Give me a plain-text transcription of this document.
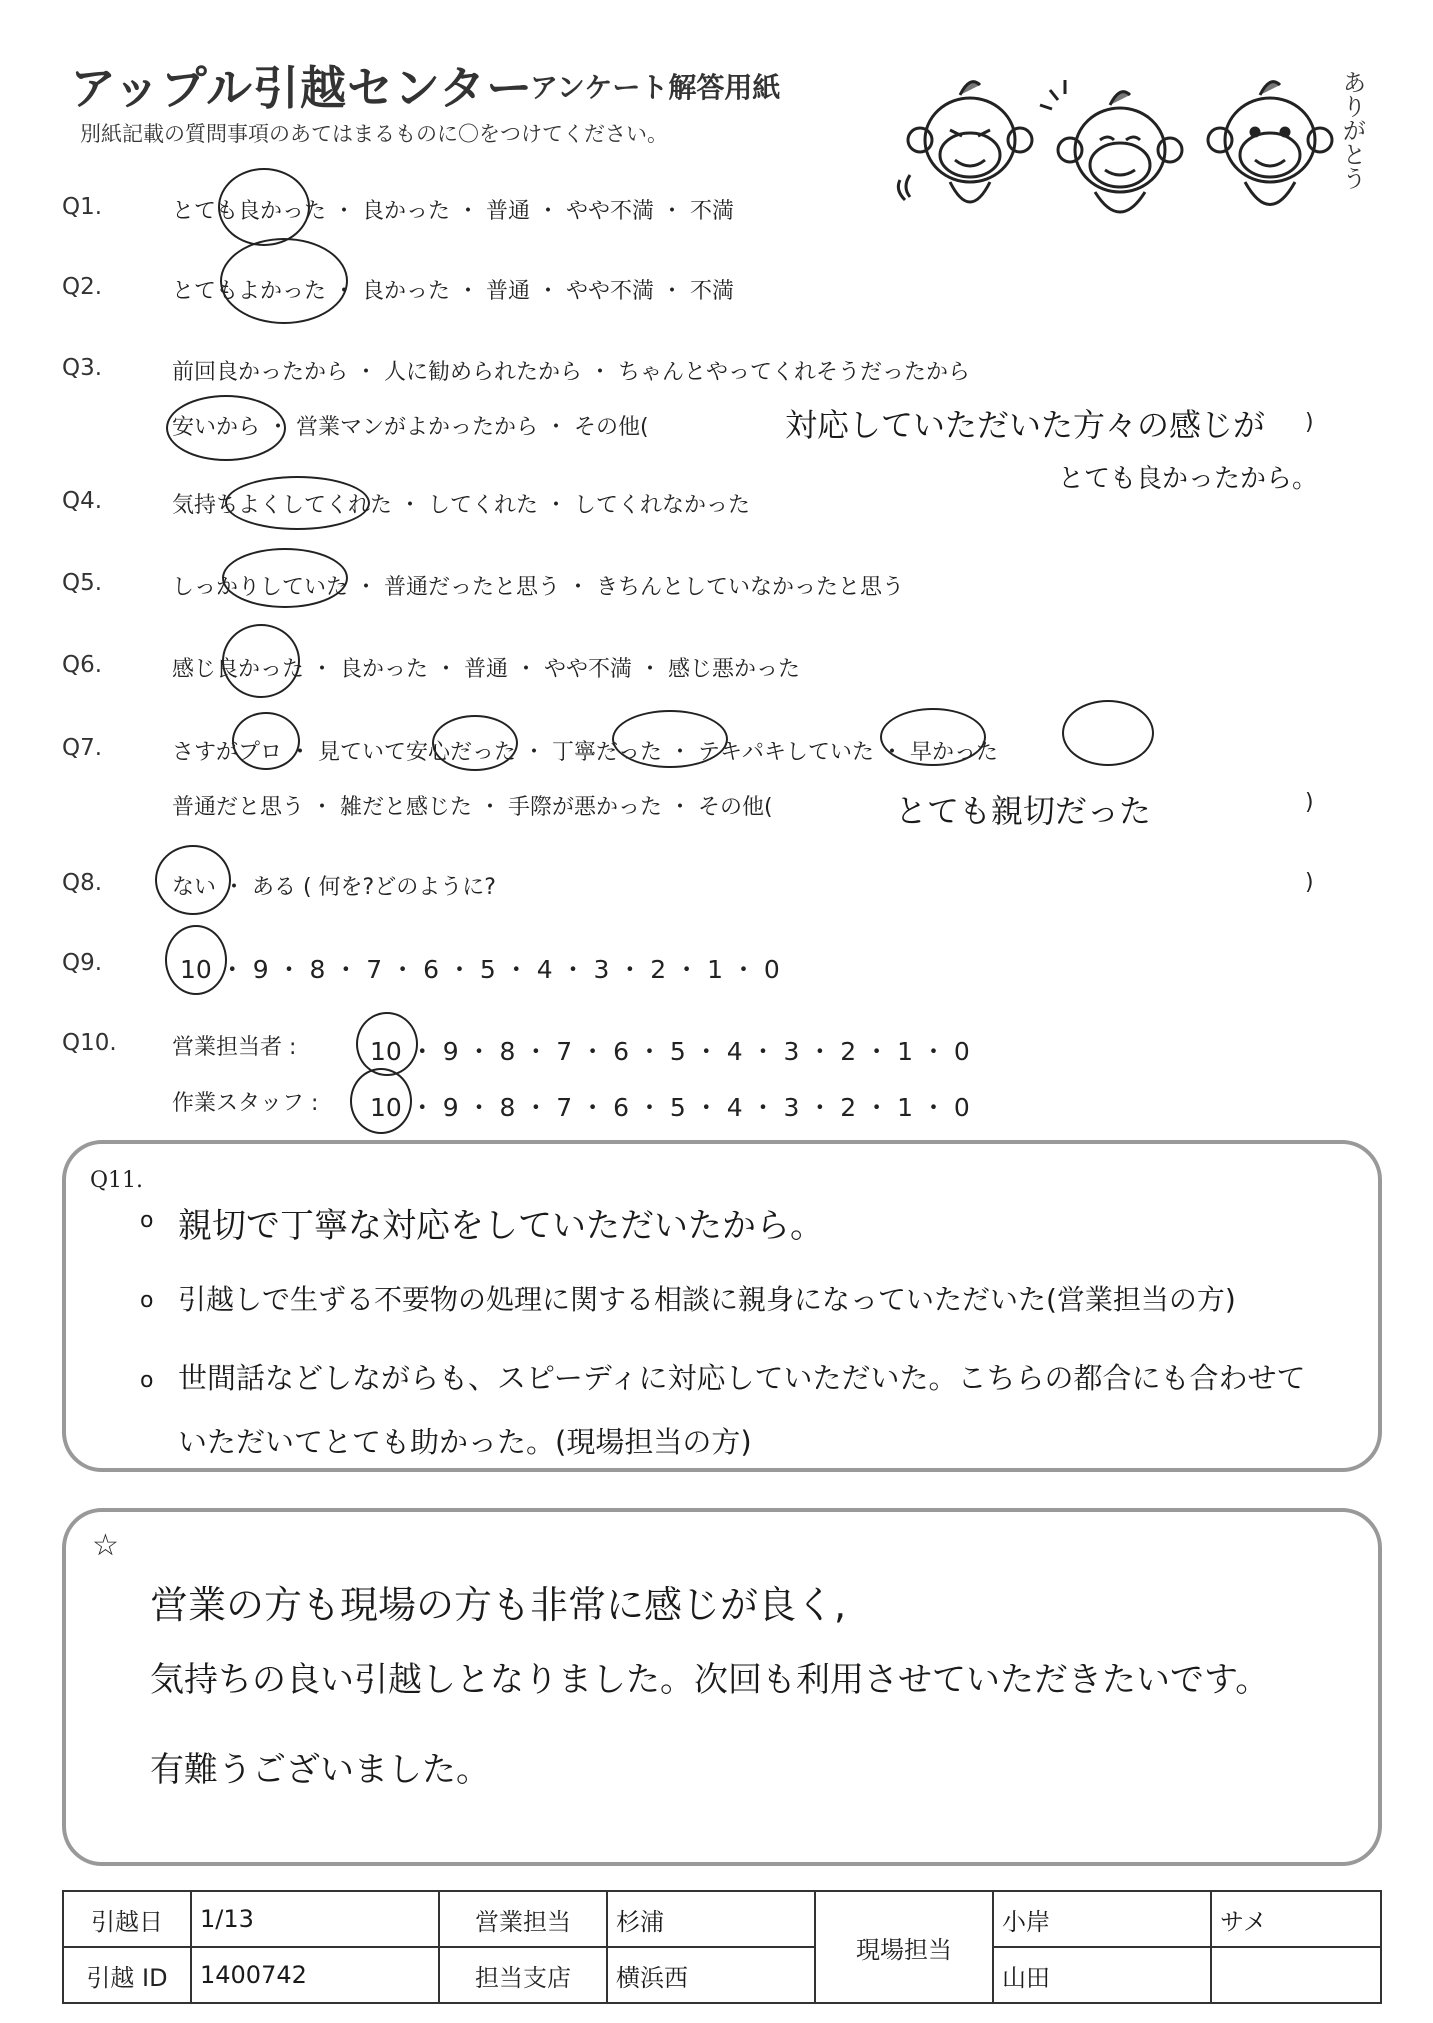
アップル引越センター
アンケート解答用紙
別紙記載の質問事項のあてはまるものに〇をつけてください。	ありがとう
Q1.	とても良かった ・ 良かった ・ 普通 ・ やや不満 ・ 不満
Q2.	とてもよかった ・ 良かった ・ 普通 ・ やや不満 ・ 不満
Q3.	前回良かったから ・ 人に勧められたから ・ ちゃんとやってくれそうだったから
安いから ・ 営業マンがよかったから ・ その他(	)
対応していただいた方々の感じが
とても良かったから。
Q4.	気持ちよくしてくれた ・ してくれた ・ してくれなかった
Q5.	しっかりしていた ・ 普通だったと思う ・ きちんとしていなかったと思う
Q6.	感じ良かった ・ 良かった ・ 普通 ・ やや不満 ・ 感じ悪かった
Q7.	さすがプロ ・ 見ていて安心だった ・ 丁寧だった ・ テキパキしていた ・ 早かった
普通だと思う ・ 雑だと感じた ・ 手際が悪かった ・ その他(	)
とても親切だった
Q8.	ない ・ ある ( 何を?どのように?	)
Q9.	10 ・ 9 ・ 8 ・ 7 ・ 6 ・ 5 ・ 4 ・ 3 ・ 2 ・ 1 ・ 0
Q10.	営業担当者 :	10 ・ 9 ・ 8 ・ 7 ・ 6 ・ 5 ・ 4 ・ 3 ・ 2 ・ 1 ・ 0
作業スタッフ : 10 ・ 9 ・ 8 ・ 7 ・ 6 ・ 5 ・ 4 ・ 3 ・ 2 ・ 1 ・ 0
Q11.
o 親切で丁寧な対応をしていただいたから。
o 引越しで生ずる不要物の処理に関する相談に親身になっていただいた(営業担当の方)
o 世間話などしながらも、スピーディに対応していただいた。こちらの都合にも合わせて
いただいてとても助かった。(現場担当の方)
☆
営業の方も現場の方も非常に感じが良く,
気持ちの良い引越しとなりました。次回も利用させていただきたいです。
有難うございました。
引越日	1/13	営業担当	杉浦	現場担当	小岸	サメ
引越 ID	1400742	担当支店	横浜西		山田	
